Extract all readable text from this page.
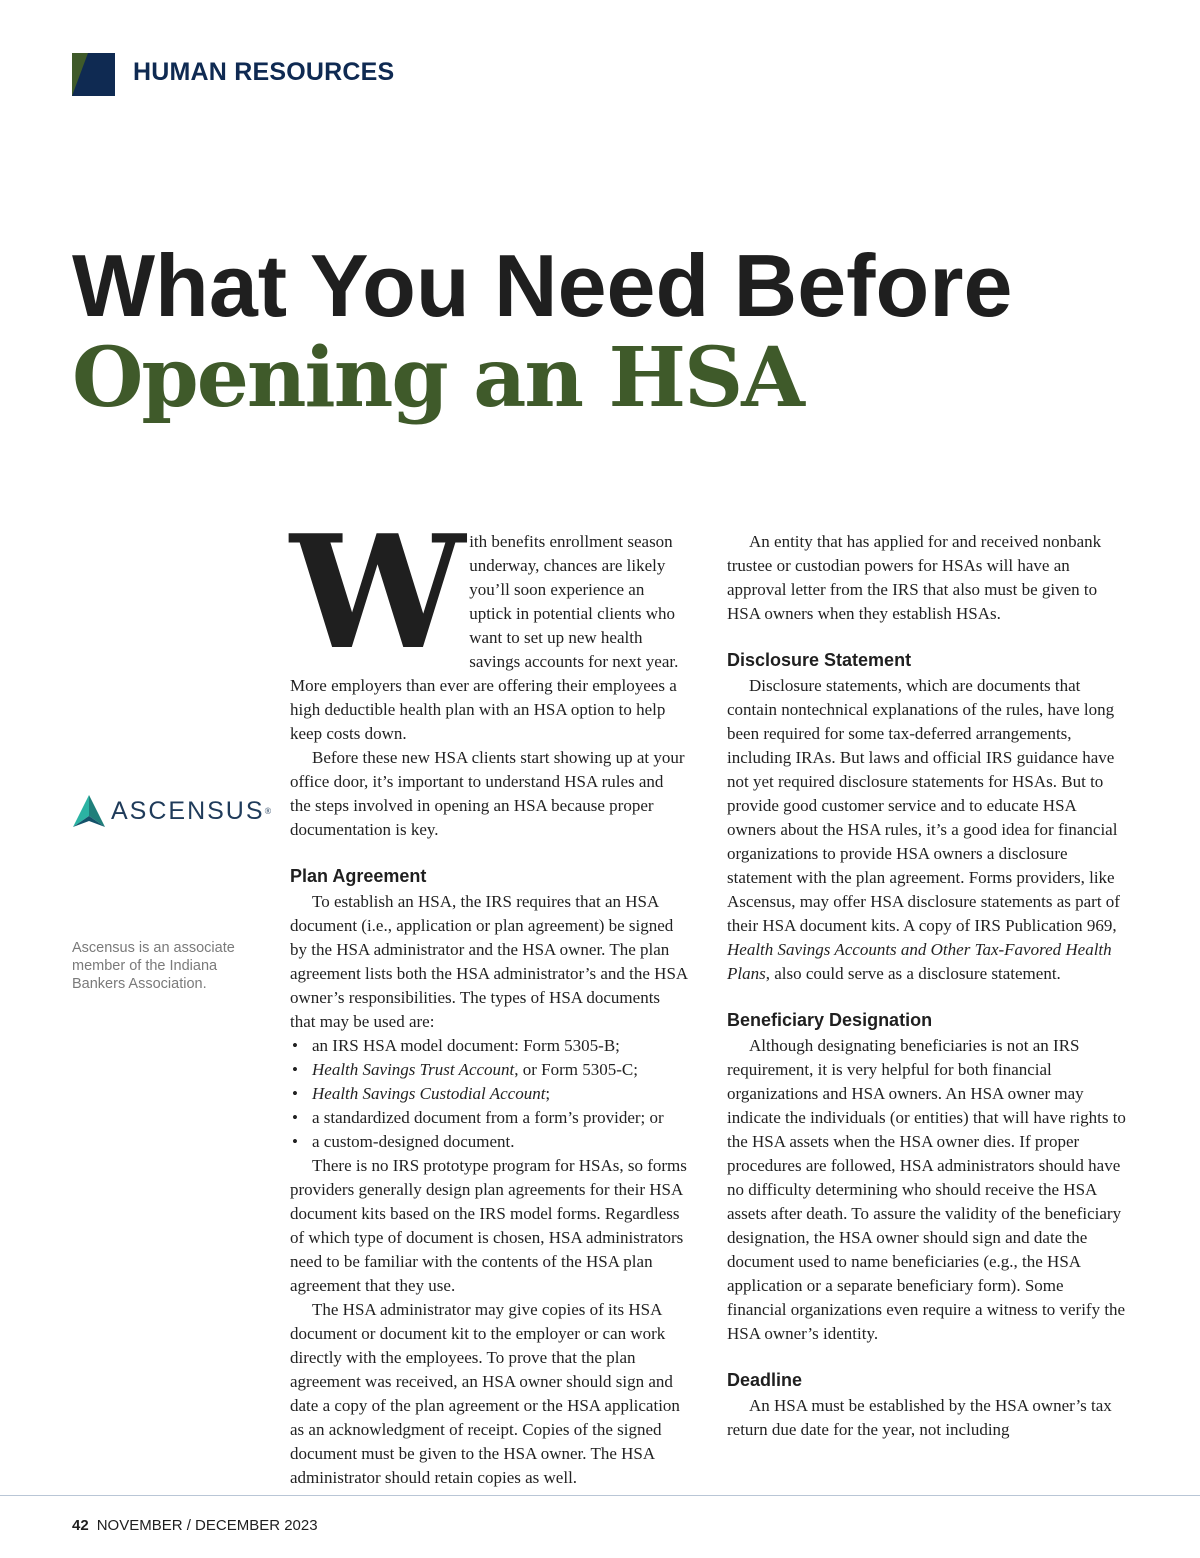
HUMAN RESOURCES
What You Need Before
Opening an HSA
ASCENSUS ®

Ascensus is an associate member of the Indiana Bankers Association.

W ith benefits enrollment season underway, chances are likely you’ll soon experience an uptick in potential clients who want to set up new health savings accounts for next year. More employers than ever are offering their employees a high deductible health plan with an HSA option to help keep costs down.

Before these new HSA clients start showing up at your office door, it’s important to understand HSA rules and the steps involved in opening an HSA because proper documentation is key.

Plan Agreement

To establish an HSA, the IRS requires that an HSA document (i.e., application or plan agreement) be signed by the HSA administrator and the HSA owner. The plan agreement lists both the HSA administrator’s and the HSA owner’s responsibilities. The types of HSA documents that may be used are:

• an IRS HSA model document: Form 5305-B;
• Health Savings Trust Account, or Form 5305-C;
• Health Savings Custodial Account;
• a standardized document from a form’s provider; or
• a custom-designed document.

There is no IRS prototype program for HSAs, so forms providers generally design plan agreements for their HSA document kits based on the IRS model forms. Regardless of which type of document is chosen, HSA administrators need to be familiar with the contents of the HSA plan agreement that they use.

The HSA administrator may give copies of its HSA document or document kit to the employer or can work directly with the employees. To prove that the plan agreement was received, an HSA owner should sign and date a copy of the plan agreement or the HSA application as an acknowledgment of receipt. Copies of the signed document must be given to the HSA owner. The HSA administrator should retain copies as well.

An entity that has applied for and received nonbank trustee or custodian powers for HSAs will have an approval letter from the IRS that also must be given to HSA owners when they establish HSAs.

Disclosure Statement

Disclosure statements, which are documents that contain nontechnical explanations of the rules, have long been required for some tax-deferred arrangements, including IRAs. But laws and official IRS guidance have not yet required disclosure statements for HSAs. But to provide good customer service and to educate HSA owners about the HSA rules, it’s a good idea for financial organizations to provide HSA owners a disclosure statement with the plan agreement. Forms providers, like Ascensus, may offer HSA disclosure statements as part of their HSA document kits. A copy of IRS Publication 969, Health Savings Accounts and Other Tax-Favored Health Plans, also could serve as a disclosure statement.

Beneficiary Designation

Although designating beneficiaries is not an IRS requirement, it is very helpful for both financial organizations and HSA owners. An HSA owner may indicate the individuals (or entities) that will have rights to the HSA assets when the HSA owner dies. If proper procedures are followed, HSA administrators should have no difficulty determining who should receive the HSA assets after death. To assure the validity of the beneficiary designation, the HSA owner should sign and date the document used to name beneficiaries (e.g., the HSA application or a separate beneficiary form). Some financial organizations even require a witness to verify the HSA owner’s identity.

Deadline

An HSA must be established by the HSA owner’s tax return due date for the year, not including

42 NOVEMBER / DECEMBER 2023
